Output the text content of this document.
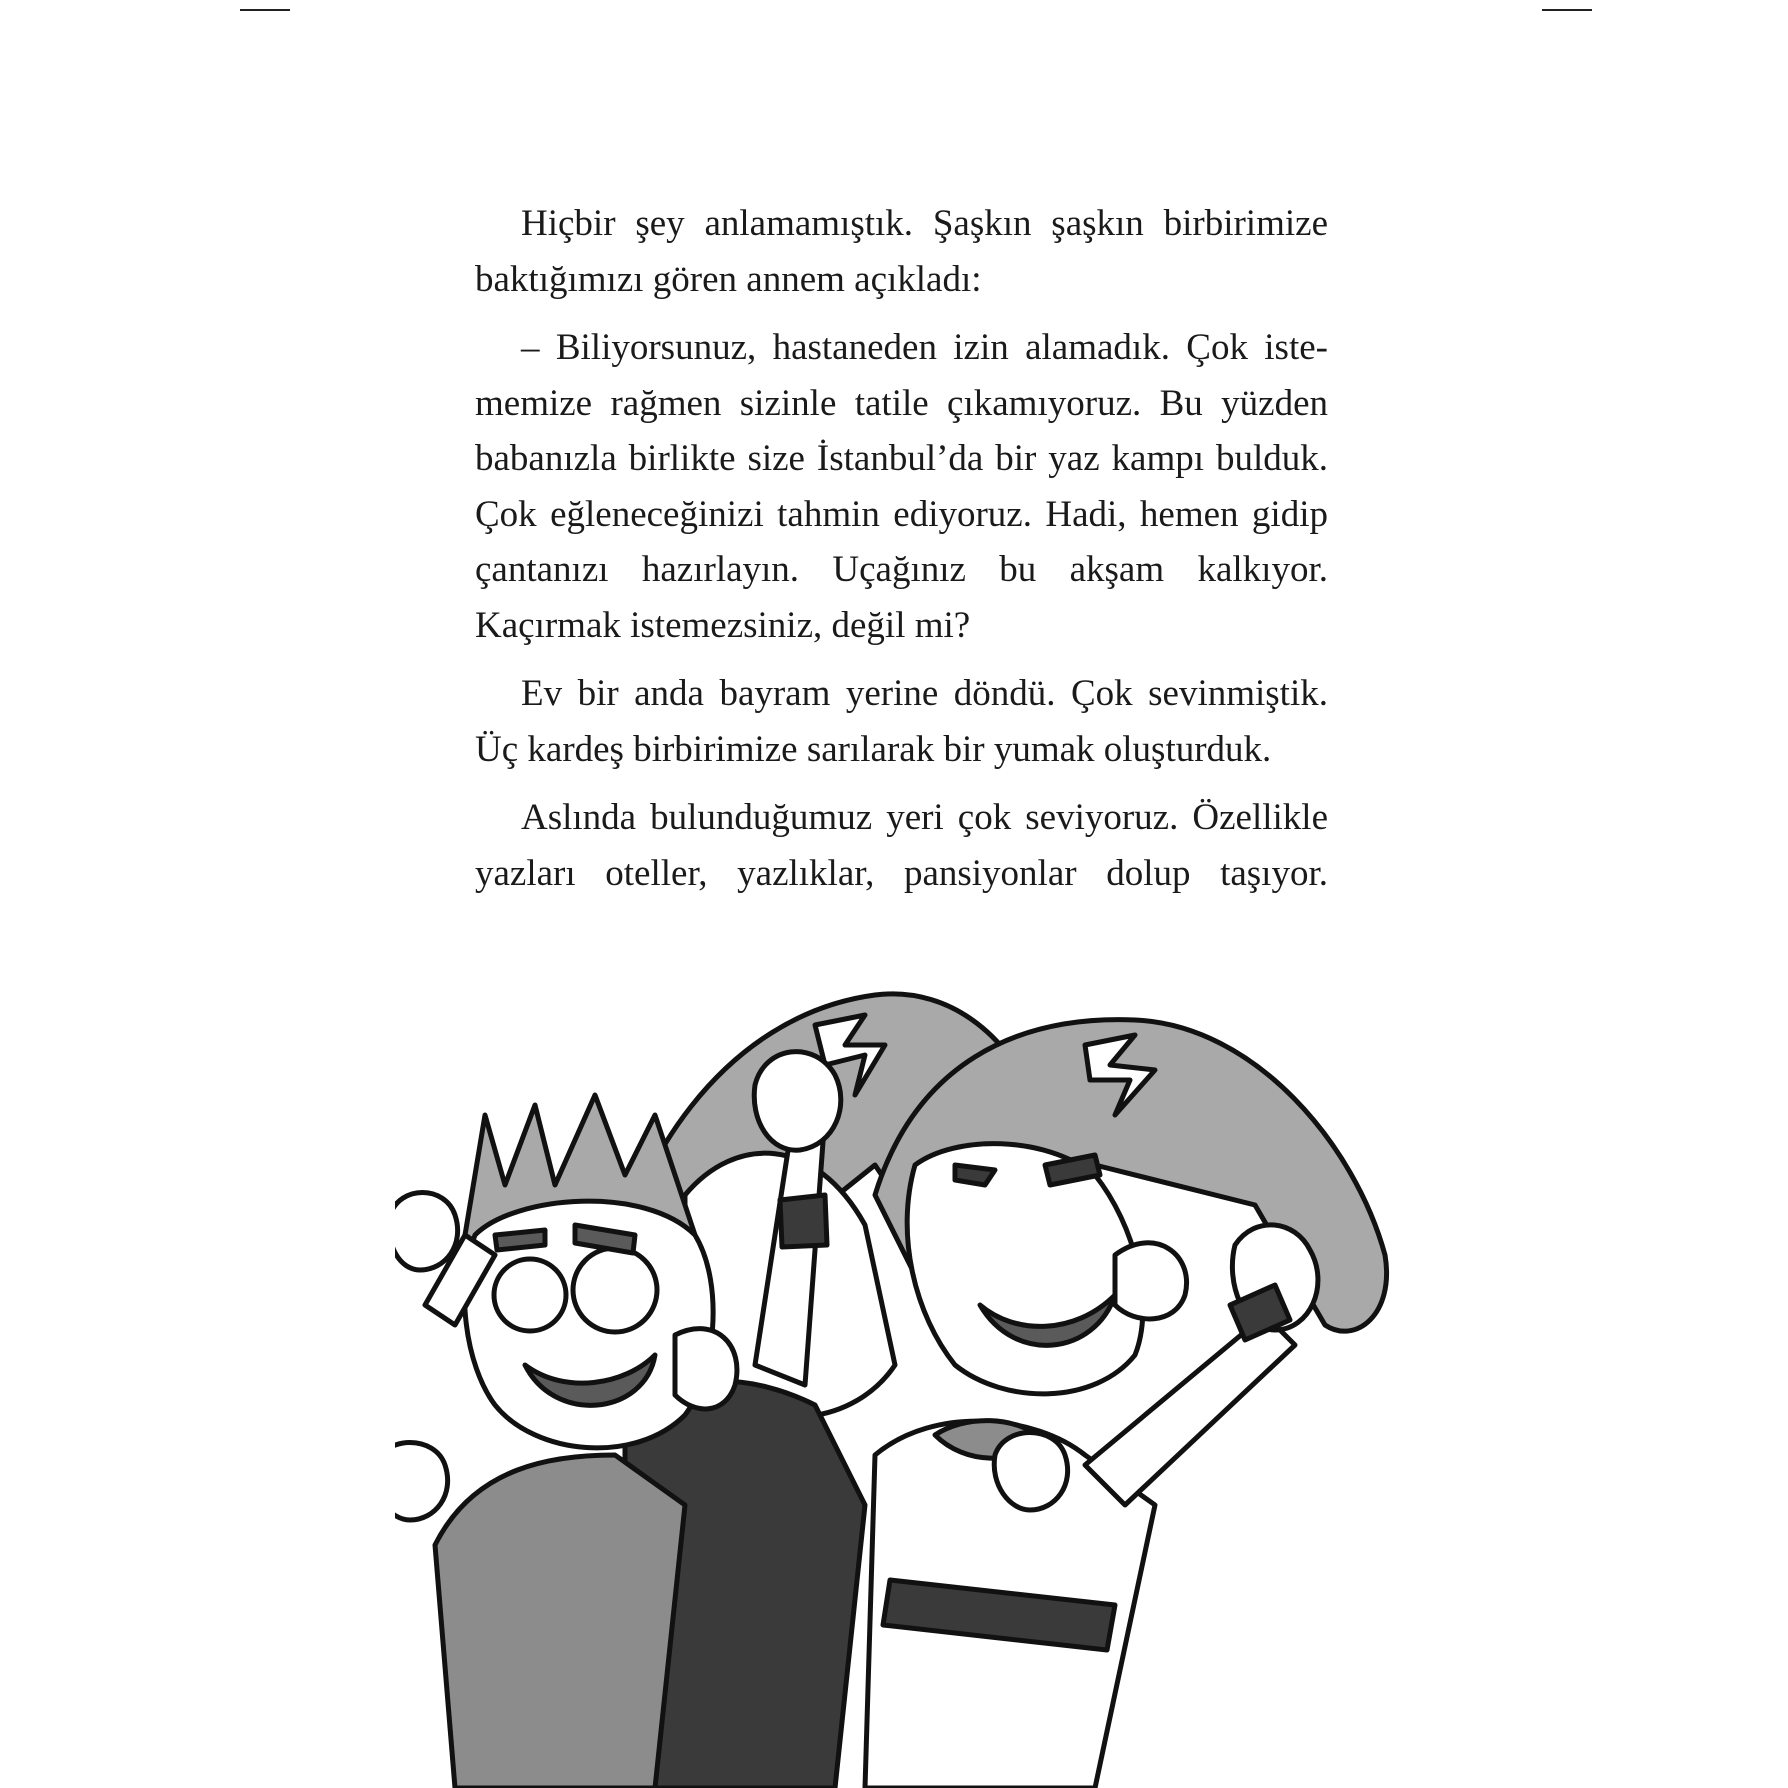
Hiçbir şey anlamamıştık. Şaşkın şaşkın birbirimize baktığımızı gören annem açıkladı:

– Biliyorsunuz, hastaneden izin alamadık. Çok istememize rağmen sizinle tatile çıkamıyoruz. Bu yüzden babanızla birlikte size İstanbul’da bir yaz kampı bulduk. Çok eğleneceğinizi tahmin ediyoruz. Hadi, hemen gidip çantanızı hazırlayın. Uçağınız bu akşam kalkıyor. Kaçırmak istemezsiniz, değil mi?

Ev bir anda bayram yerine döndü. Çok sevinmiştik. Üç kardeş birbirimize sarılarak bir yumak oluşturduk.

Aslında bulunduğumuz yeri çok seviyoruz. Özellikle yazları oteller, yazlıklar, pansiyonlar dolup taşıyor.
